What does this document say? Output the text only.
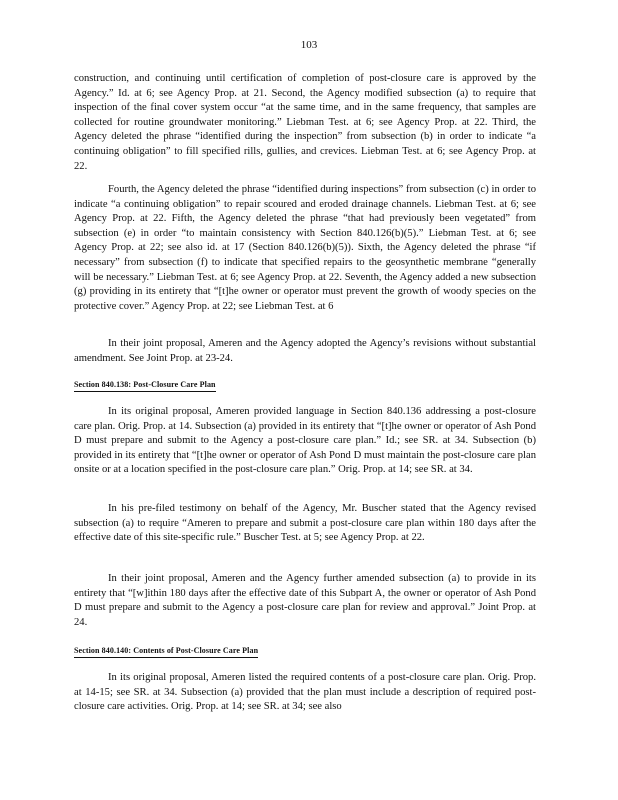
103

construction, and continuing until certification of completion of post-closure care is approved by the Agency.” Id. at 6; see Agency Prop. at 21. Second, the Agency modified subsection (a) to require that inspection of the final cover system occur “at the same time, and in the same frequency, that samples are collected for routine groundwater monitoring.” Liebman Test. at 6; see Agency Prop. at 22. Third, the Agency deleted the phrase “identified during the inspection” from subsection (b) in order to indicate “a continuing obligation” to fill specified rills, gullies, and crevices. Liebman Test. at 6; see Agency Prop. at 22.

Fourth, the Agency deleted the phrase “identified during inspections” from subsection (c) in order to indicate “a continuing obligation” to repair scoured and eroded drainage channels. Liebman Test. at 6; see Agency Prop. at 22. Fifth, the Agency deleted the phrase “that had previously been vegetated” from subsection (e) in order “to maintain consistency with Section 840.126(b)(5).” Liebman Test. at 6; see Agency Prop. at 22; see also id. at 17 (Section 840.126(b)(5)). Sixth, the Agency deleted the phrase “if necessary” from subsection (f) to indicate that specified repairs to the geosynthetic membrane “generally will be necessary.” Liebman Test. at 6; see Agency Prop. at 22. Seventh, the Agency added a new subsection (g) providing in its entirety that “[t]he owner or operator must prevent the growth of woody species on the protective cover.” Agency Prop. at 22; see Liebman Test. at 6

In their joint proposal, Ameren and the Agency adopted the Agency’s revisions without substantial amendment. See Joint Prop. at 23-24.

Section 840.138: Post-Closure Care Plan

In its original proposal, Ameren provided language in Section 840.136 addressing a post-closure care plan. Orig. Prop. at 14. Subsection (a) provided in its entirety that “[t]he owner or operator of Ash Pond D must prepare and submit to the Agency a post-closure care plan.” Id.; see SR. at 34. Subsection (b) provided in its entirety that “[t]he owner or operator of Ash Pond D must maintain the post-closure care plan onsite or at a location specified in the post-closure care plan.” Orig. Prop. at 14; see SR. at 34.

In his pre-filed testimony on behalf of the Agency, Mr. Buscher stated that the Agency revised subsection (a) to require “Ameren to prepare and submit a post-closure care plan within 180 days after the effective date of this site-specific rule.” Buscher Test. at 5; see Agency Prop. at 22.

In their joint proposal, Ameren and the Agency further amended subsection (a) to provide in its entirety that “[w]ithin 180 days after the effective date of this Subpart A, the owner or operator of Ash Pond D must prepare and submit to the Agency a post-closure care plan for review and approval.” Joint Prop. at 24.

Section 840.140: Contents of Post-Closure Care Plan

In its original proposal, Ameren listed the required contents of a post-closure care plan. Orig. Prop. at 14-15; see SR. at 34. Subsection (a) provided that the plan must include a description of required post-closure care activities. Orig. Prop. at 14; see SR. at 34; see also
